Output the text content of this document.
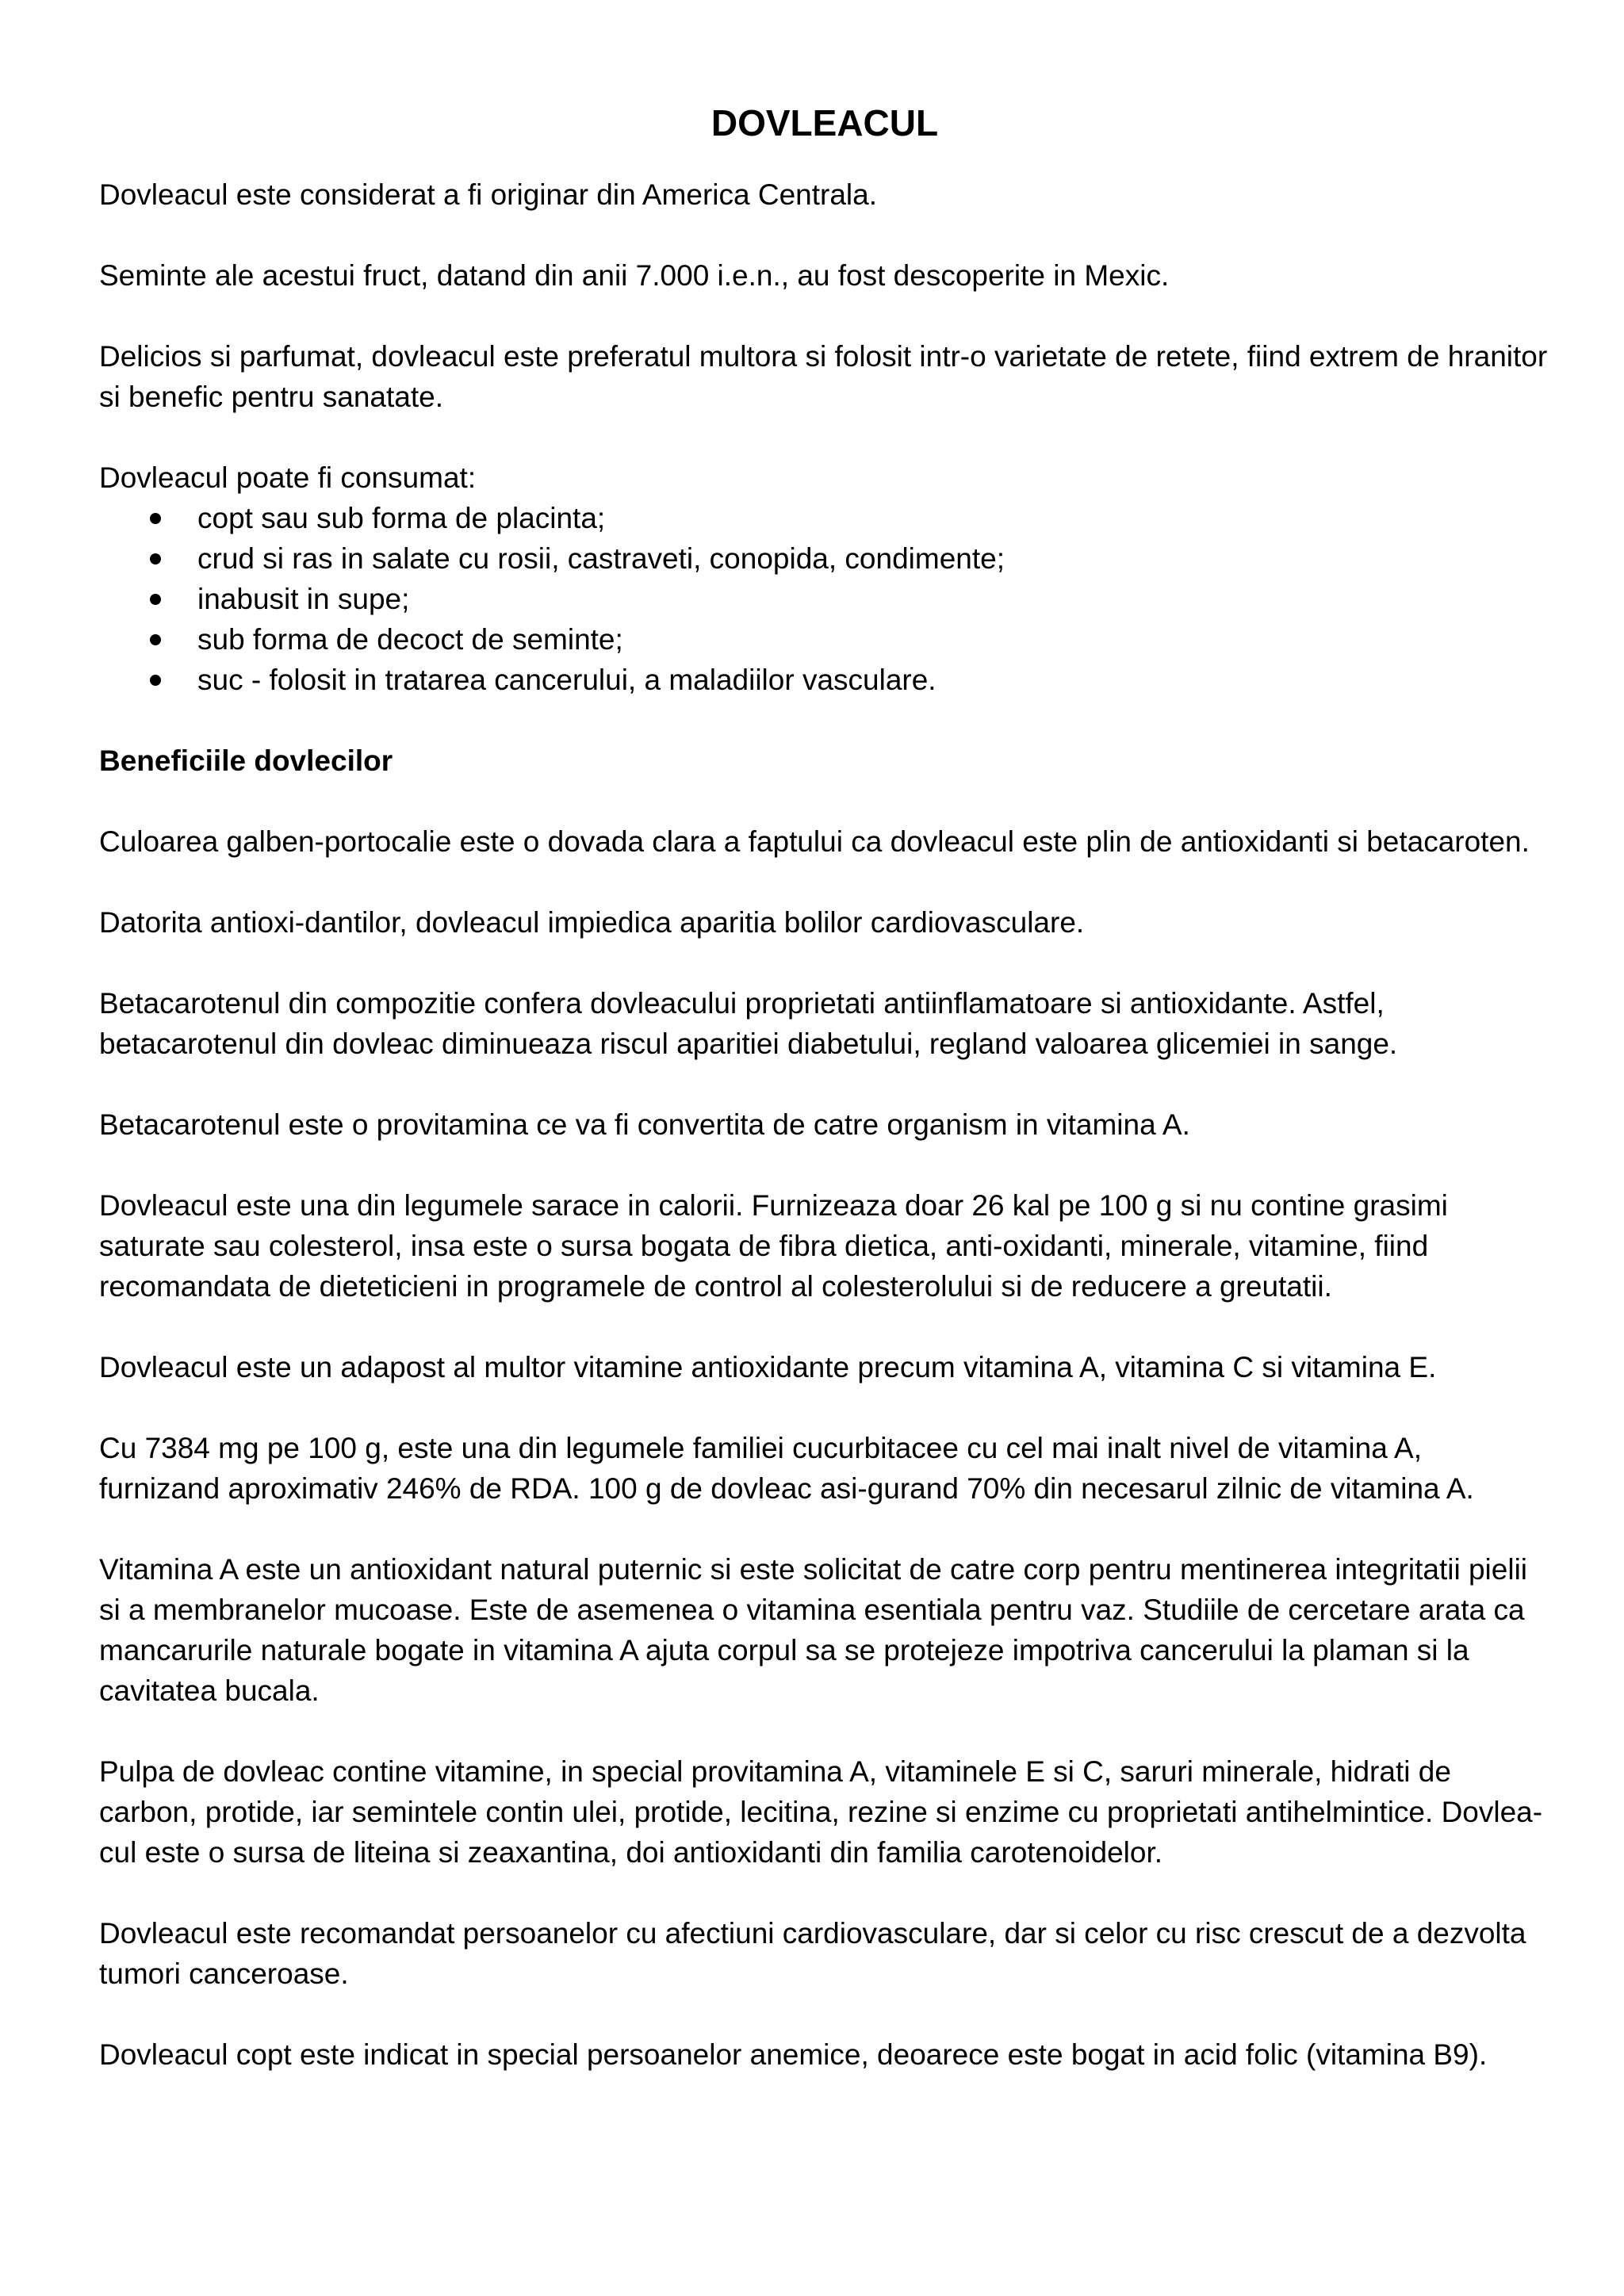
DOVLEACUL

Dovleacul este considerat a fi originar din America Centrala.

Seminte ale acestui fruct, datand din anii 7.000 i.e.n., au fost descoperite in Mexic.

Delicios si parfumat, dovleacul este preferatul multora si folosit intr-o varietate de retete, fiind extrem de hranitor si benefic pentru sanatate.

Dovleacul poate fi consumat:

copt sau sub forma de placinta;
crud si ras in salate cu rosii, castraveti, conopida, condimente;
inabusit in supe;
sub forma de decoct de seminte;
suc - folosit in tratarea cancerului, a maladiilor vasculare.
Beneficiile dovlecilor

Culoarea galben-portocalie este o dovada clara a faptului ca dovleacul este plin de antioxidanti si betacaroten.

Datorita antioxi-dantilor, dovleacul impiedica aparitia bolilor cardiovasculare.

Betacarotenul din compozitie confera dovleacului proprietati antiinflamatoare si antioxidante. Astfel, betacarotenul din dovleac diminueaza riscul aparitiei diabetului, regland valoarea glicemiei in sange.

Betacarotenul este o provitamina ce va fi convertita de catre organism in vitamina A.

Dovleacul este una din legumele sarace in calorii. Furnizeaza doar 26 kal pe 100 g si nu contine grasimi saturate sau colesterol, insa este o sursa bogata de fibra dietica, anti-oxidanti, minerale, vitamine, fiind recomandata de dieteticieni in programele de control al colesterolului si de reducere a greutatii.

Dovleacul este un adapost al multor vitamine antioxidante precum vitamina A, vitamina C si vitamina E.

Cu 7384 mg pe 100 g, este una din legumele familiei cucurbitacee cu cel mai inalt nivel de vitamina A, furnizand aproximativ 246% de RDA. 100 g de dovleac asi-gurand 70% din necesarul zilnic de vitamina A.

Vitamina A este un antioxidant natural puternic si este solicitat de catre corp pentru mentinerea integritatii pielii si a membranelor mucoase. Este de asemenea o vitamina esentiala pentru vaz. Studiile de cercetare arata ca mancarurile naturale bogate in vitamina A ajuta corpul sa se protejeze impotriva cancerului la plaman si la cavitatea bucala.

Pulpa de dovleac contine vitamine, in special provitamina A, vitaminele E si C, saruri minerale, hidrati de carbon, protide, iar semintele contin ulei, protide, lecitina, rezine si enzime cu proprietati antihelmintice. Dovlea- cul este o sursa de liteina si zeaxantina, doi antioxidanti din familia carotenoidelor.

Dovleacul este recomandat persoanelor cu afectiuni cardiovasculare, dar si celor cu risc crescut de a dezvolta tumori canceroase.

Dovleacul copt este indicat in special persoanelor anemice, deoarece este bogat in acid folic (vitamina B9).
